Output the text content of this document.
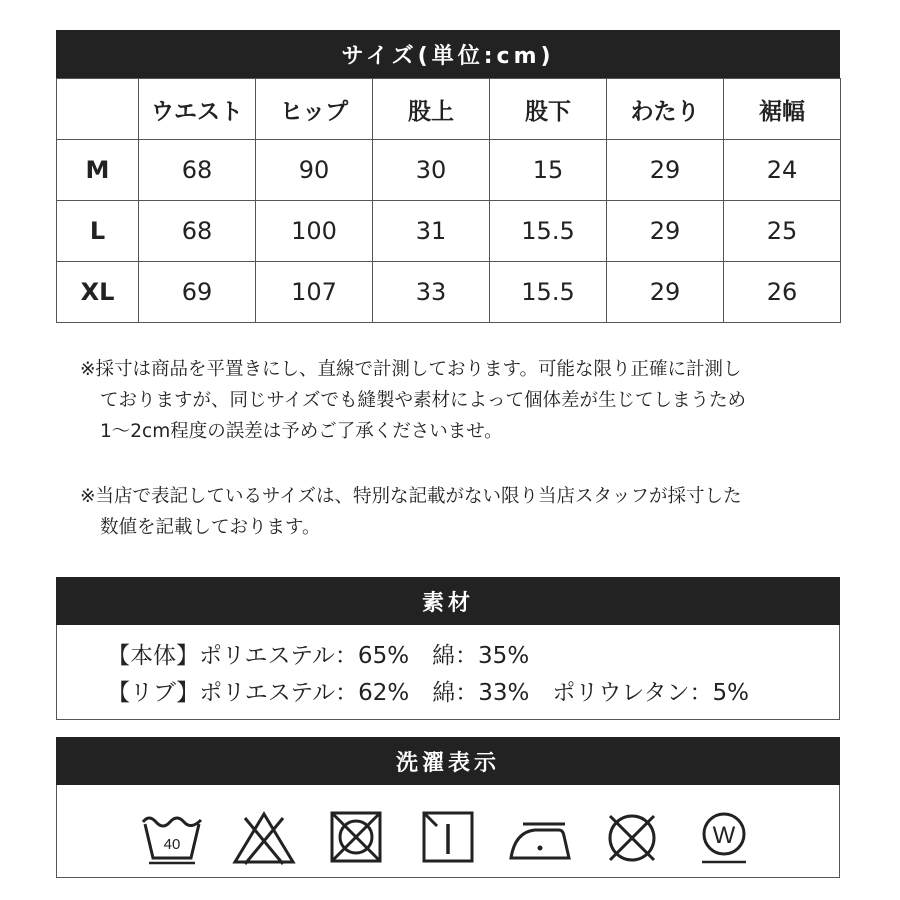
サイズ(単位:cm)
	ウエスト	ヒップ	股上	股下	わたり	裾幅
M	68	90	30	15	29	24
L	68	100	31	15.5	29	25
XL	69	107	33	15.5	29	26

※採寸は商品を平置きにし、直線で計測しております。可能な限り正確に計測し
ておりますが、同じサイズでも縫製や素材によって個体差が生じてしまうため
1〜2cm程度の誤差は予めご了承くださいませ。

※当店で表記しているサイズは、特別な記載がない限り当店スタッフが採寸した
数値を記載しております。

素材
【本体】ポリエステル：65%　綿：35%
【リブ】ポリエステル：62%　綿：33%　ポリウレタン：5%
洗濯表示
40	W
